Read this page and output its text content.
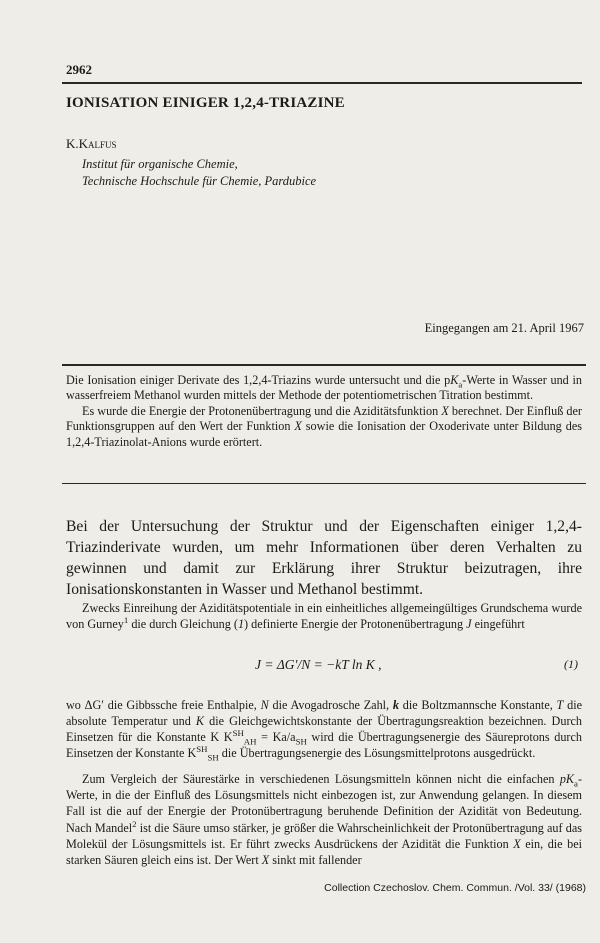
2962
IONISATION EINIGER 1,2,4-TRIAZINE
K.Kalfus
Institut für organische Chemie,
Technische Hochschule für Chemie, Pardubice
Eingegangen am 21. April 1967

Die Ionisation einiger Derivate des 1,2,4-Triazins wurde untersucht und die $pK_a$-Werte in Wasser und in wasserfreiem Methanol wurden mittels der Methode der potentiometrischen Titration bestimmt.

Es wurde die Energie der Protonenübertragung und die Aziditätsfunktion X berechnet. Der Einfluß der Funktionsgruppen auf den Wert der Funktion X sowie die Ionisation der Oxoderivate unter Bildung des 1,2,4-Triazinolat-Anions wurde erörtert.

Bei der Untersuchung der Struktur und der Eigenschaften einiger 1,2,4-Triazinderivate wurden, um mehr Informationen über deren Verhalten zu gewinnen und damit zur Erklärung ihrer Struktur beizutragen, ihre Ionisationskonstanten in Wasser und Methanol bestimmt.
Zwecks Einreihung der Aziditätspotentiale in ein einheitliches allgemeingültiges Grundschema wurde von Gurney$^1$ die durch Gleichung (1) definierte Energie der Protonenübertragung J eingeführt
J = ΔG′/N = −kT ln K ,	(1)
wo ΔG′ die Gibbssche freie Enthalpie, N die Avogadrosche Zahl, k die Boltzmannsche Konstante, T die absolute Temperatur und K die Gleichgewichtskonstante der Übertragungsreaktion bezeichnen. Durch Einsetzen für die Konstante K $K^{SH}_{AH} = Ka/a_{SH}$ wird die Übertragungsenergie des Säureprotons durch Einsetzen der Konstante $K^{SH}_{SH}$ die Übertragungsenergie des Lösungsmittelprotons ausgedrückt.
Zum Vergleich der Säurestärke in verschiedenen Lösungsmitteln können nicht die einfachen $pK_a$-Werte, in die der Einfluß des Lösungsmittels nicht einbezogen ist, zur Anwendung gelangen. In diesem Fall ist die auf der Energie der Protonübertragung beruhende Definition der Azidität von Bedeutung. Nach Mandel$^2$ ist die Säure umso stärker, je größer die Wahrscheinlichkeit der Protonübertragung auf das Molekül der Lösungsmittels ist. Er führt zwecks Ausdrückens der Azidität die Funktion X ein, die bei starken Säuren gleich eins ist. Der Wert X sinkt mit fallender
Collection Czechoslov. Chem. Commun. /Vol. 33/ (1968)
